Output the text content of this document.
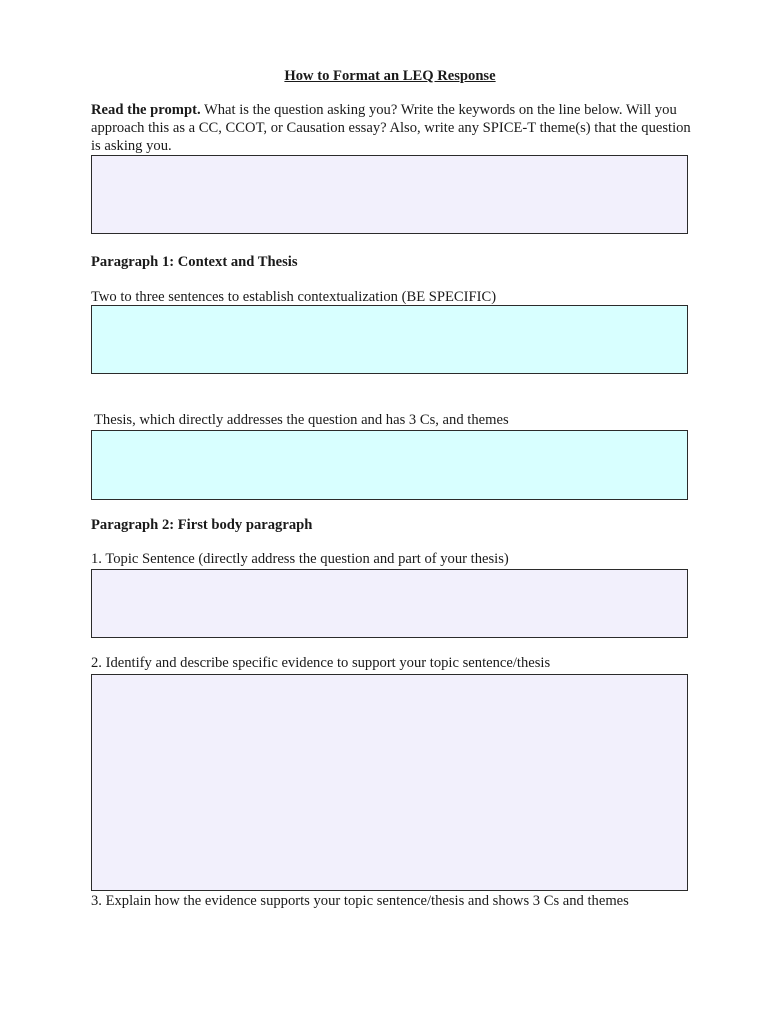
How to Format an LEQ Response
Read the prompt. What is the question asking you? Write the keywords on the line below. Will you approach this as a CC, CCOT, or Causation essay? Also, write any SPICE-T theme(s) that the question is asking you.
Paragraph 1: Context and Thesis
Two to three sentences to establish contextualization (BE SPECIFIC)
Thesis, which directly addresses the question and has 3 Cs, and themes
Paragraph 2: First body paragraph
1. Topic Sentence (directly address the question and part of your thesis)
2. Identify and describe specific evidence to support your topic sentence/thesis
3. Explain how the evidence supports your topic sentence/thesis and shows 3 Cs and themes
